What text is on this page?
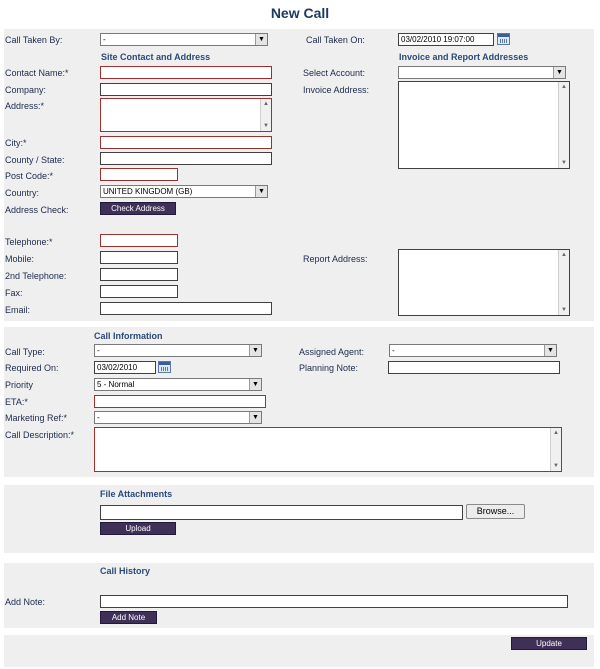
New Call
Call Taken By:	-	▼	Call Taken On:	03/02/2010 19:07:00
Site Contact and Address	Invoice and Report Addresses
Contact Name:*	Select Account:	▼
Company:	Invoice Address:	▲
▼
Address:*	▲
▼
City:*
County / State:
Post Code:*
Country:	UNITED KINGDOM (GB)	▼
Address Check:	Check Address
Telephone:*
Mobile:	Report Address:	▲
▼
2nd Telephone:
Fax:
Email:
Call Information
Call Type:	-	▼	Assigned Agent:	-	▼
Required On:	03/02/2010	Planning Note:
Priority	5 - Normal	▼
ETA:*
Marketing Ref:*	-	▼
Call Description:*	▲
▼
File Attachments
Browse...
Upload
Call History
Add Note:
Add Note
Update
